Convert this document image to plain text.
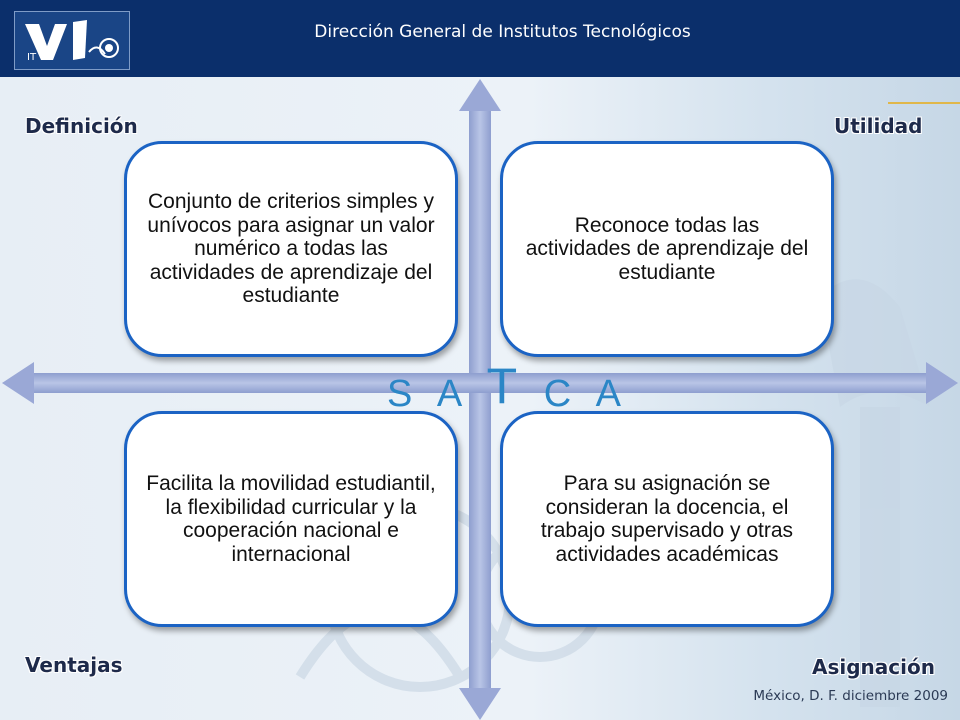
IT
Dirección General de Institutos Tecnológicos
Definición	Utilidad
Ventajas	Asignación
Conjunto de criterios simples y unívocos para asignar un valor numérico a todas las actividades de aprendizaje del estudiante
Reconoce todas las actividades de aprendizaje del estudiante
Facilita la movilidad estudiantil, la flexibilidad curricular y la cooperación nacional e internacional
Para su asignación se consideran la docencia, el trabajo supervisado y otras actividades académicas
S A T C A
México, D. F. diciembre 2009
